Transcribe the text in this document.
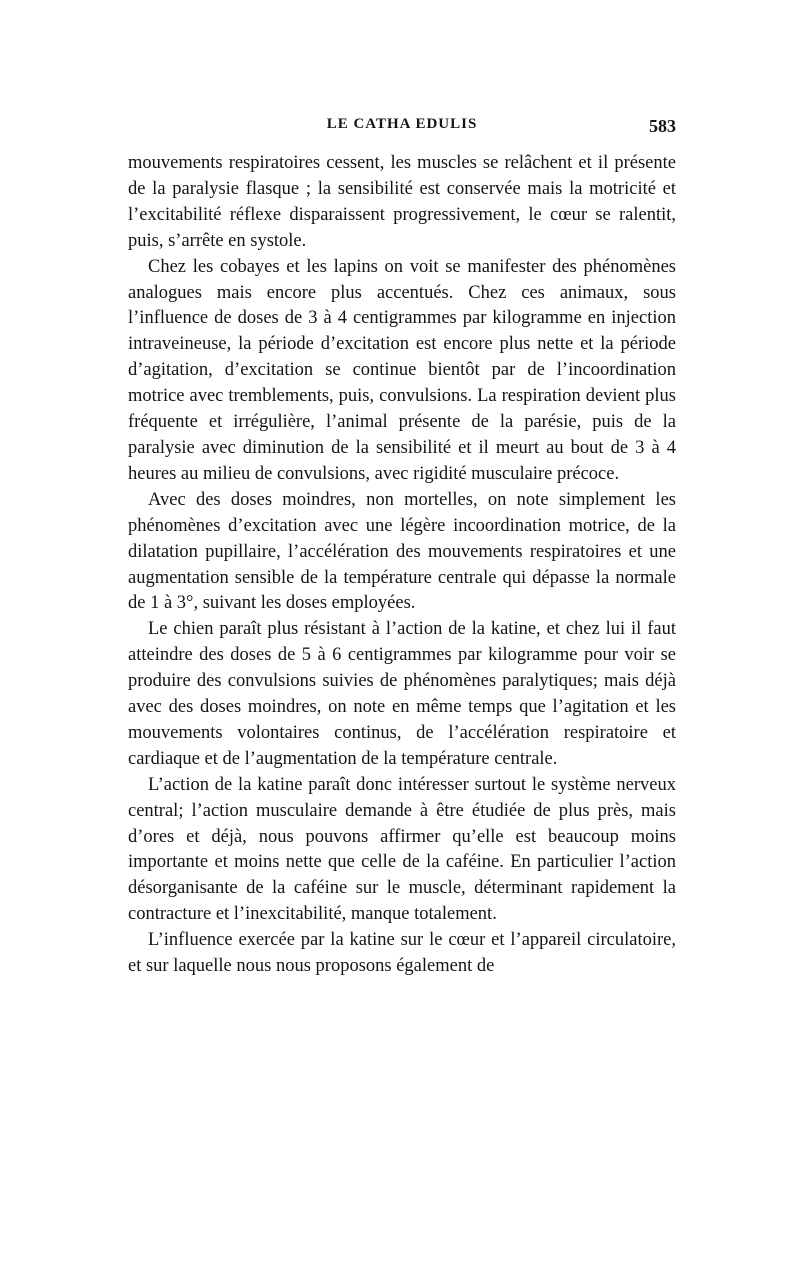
LE CATHA EDULIS	583

mouvements respiratoires cessent, les muscles se relâchent et il présente de la paralysie flasque ; la sensibilité est conservée mais la motricité et l’excitabilité réflexe disparaissent progressivement, le cœur se ralentit, puis, s’arrête en systole.

Chez les cobayes et les lapins on voit se manifester des phénomènes analogues mais encore plus accentués. Chez ces animaux, sous l’influence de doses de 3 à 4 centigrammes par kilogramme en injection intraveineuse, la période d’excitation est encore plus nette et la période d’agitation, d’excitation se continue bientôt par de l’incoordination motrice avec tremblements, puis, convulsions. La respiration devient plus fréquente et irrégulière, l’animal présente de la parésie, puis de la paralysie avec diminution de la sensibilité et il meurt au bout de 3 à 4 heures au milieu de convulsions, avec rigidité musculaire précoce.

Avec des doses moindres, non mortelles, on note simplement les phénomènes d’excitation avec une légère incoordination motrice, de la dilatation pupillaire, l’accélération des mouvements respiratoires et une augmentation sensible de la température centrale qui dépasse la normale de 1 à 3°, suivant les doses employées.

Le chien paraît plus résistant à l’action de la katine, et chez lui il faut atteindre des doses de 5 à 6 centigrammes par kilogramme pour voir se produire des convulsions suivies de phénomènes paralytiques; mais déjà avec des doses moindres, on note en même temps que l’agitation et les mouvements volontaires continus, de l’accélération respiratoire et cardiaque et de l’augmentation de la température centrale.

L’action de la katine paraît donc intéresser surtout le système nerveux central; l’action musculaire demande à être étudiée de plus près, mais d’ores et déjà, nous pouvons affirmer qu’elle est beaucoup moins importante et moins nette que celle de la caféine. En particulier l’action désorganisante de la caféine sur le muscle, déterminant rapidement la contracture et l’inexcitabilité, manque totalement.

L’influence exercée par la katine sur le cœur et l’appareil circulatoire, et sur laquelle nous nous proposons également de
